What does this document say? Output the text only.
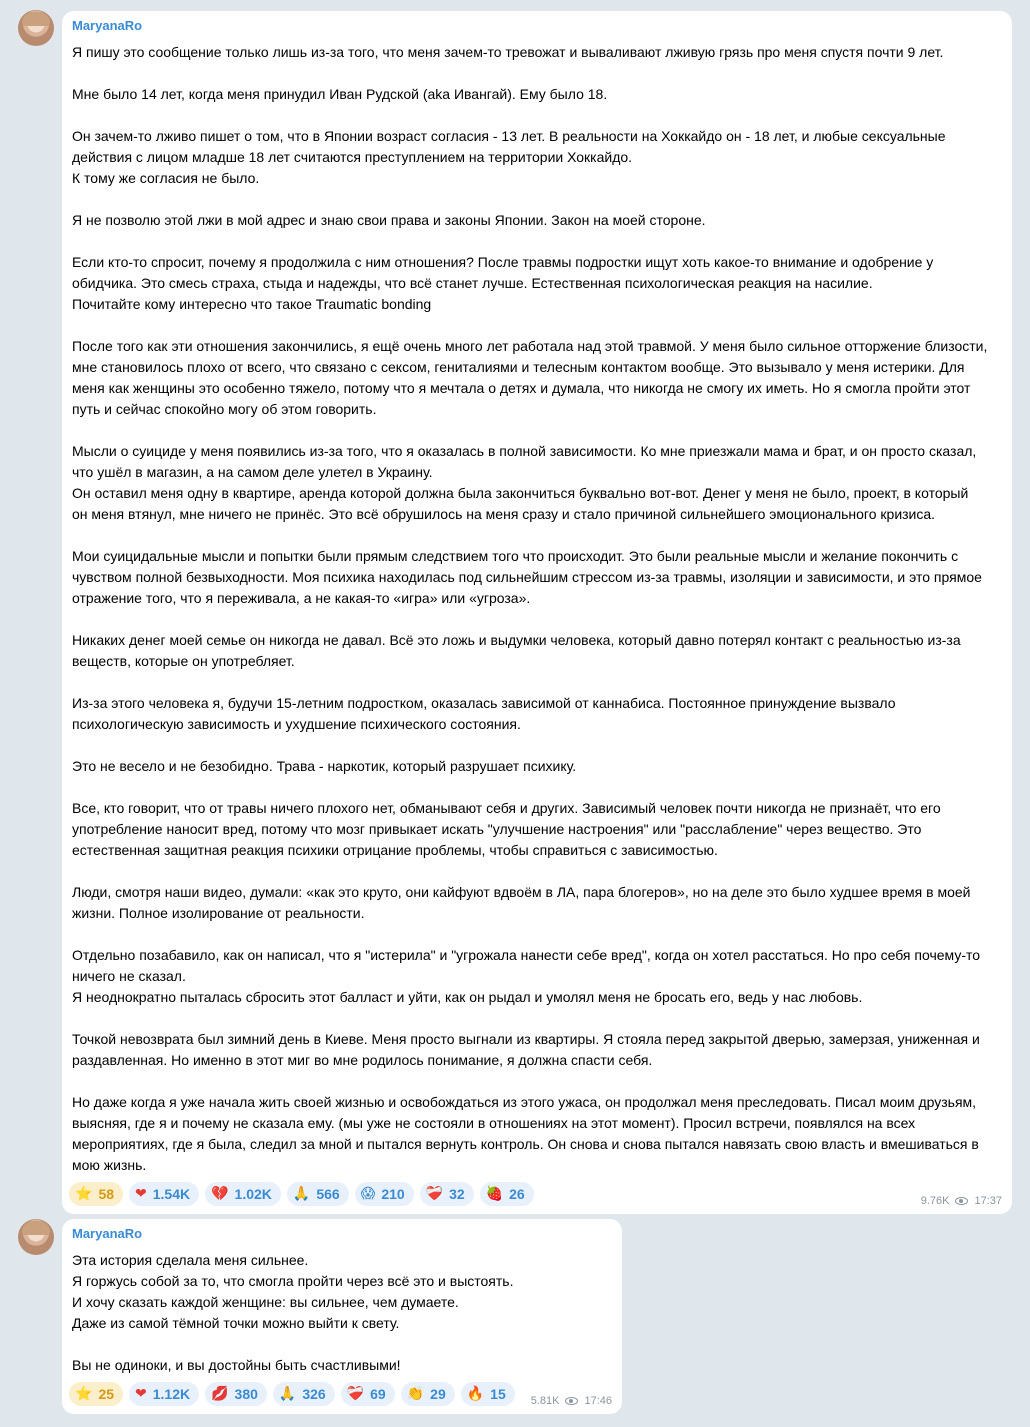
MaryanaRo
Я пишу это сообщение только лишь из-за того, что меня зачем-то тревожат и вываливают лживую грязь про меня спустя почти 9 лет.

Мне было 14 лет, когда меня принудил Иван Рудской (aka Ивангай). Ему было 18.

Он зачем-то лживо пишет о том, что в Японии возраст согласия - 13 лет. В реальности на Хоккайдо он - 18 лет, и любые сексуальные
действия с лицом младше 18 лет считаются преступлением на территории Хоккайдо.
К тому же согласия не было.

Я не позволю этой лжи в мой адрес и знаю свои права и законы Японии. Закон на моей стороне.

Если кто-то спросит, почему я продолжила с ним отношения? После травмы подростки ищут хоть какое-то внимание и одобрение у
обидчика. Это смесь страха, стыда и надежды, что всё станет лучше. Естественная психологическая реакция на насилие.
Почитайте кому интересно что такое Traumatic bonding

После того как эти отношения закончились, я ещё очень много лет работала над этой травмой. У меня было сильное отторжение близости,
мне становилось плохо от всего, что связано с сексом, гениталиями и телесным контактом вообще. Это вызывало у меня истерики. Для
меня как женщины это особенно тяжело, потому что я мечтала о детях и думала, что никогда не смогу их иметь. Но я смогла пройти этот
путь и сейчас спокойно могу об этом говорить.

Мысли о суициде у меня появились из-за того, что я оказалась в полной зависимости. Ко мне приезжали мама и брат, и он просто сказал,
что ушёл в магазин, а на самом деле улетел в Украину.
Он оставил меня одну в квартире, аренда которой должна была закончиться буквально вот-вот. Денег у меня не было, проект, в который
он меня втянул, мне ничего не принёс. Это всё обрушилось на меня сразу и стало причиной сильнейшего эмоционального кризиса.

Мои суицидальные мысли и попытки были прямым следствием того что происходит. Это были реальные мысли и желание покончить с
чувством полной безвыходности. Моя психика находилась под сильнейшим стрессом из-за травмы, изоляции и зависимости, и это прямое
отражение того, что я переживала, а не какая-то «игра» или «угроза».

Никаких денег моей семье он никогда не давал. Всё это ложь и выдумки человека, который давно потерял контакт с реальностью из-за
веществ, которые он употребляет.

Из-за этого человека я, будучи 15-летним подростком, оказалась зависимой от каннабиса. Постоянное принуждение вызвало
психологическую зависимость и ухудшение психического состояния.

Это не весело и не безобидно. Трава - наркотик, который разрушает психику.

Все, кто говорит, что от травы ничего плохого нет, обманывают себя и других. Зависимый человек почти никогда не признаёт, что его
употребление наносит вред, потому что мозг привыкает искать "улучшение настроения" или "расслабление" через вещество. Это
естественная защитная реакция психики отрицание проблемы, чтобы справиться с зависимостью.

Люди, смотря наши видео, думали: «как это круто, они кайфуют вдвоём в ЛА, пара блогеров», но на деле это было худшее время в моей
жизни. Полное изолирование от реальности.

Отдельно позабавило, как он написал, что я "истерила" и "угрожала нанести себе вред", когда он хотел расстаться. Но про себя почему-то
ничего не сказал.
Я неоднократно пыталась сбросить этот балласт и уйти, как он рыдал и умолял меня не бросать его, ведь у нас любовь.

Точкой невозврата был зимний день в Киеве. Меня просто выгнали из квартиры. Я стояла перед закрытой дверью, замерзая, униженная и
раздавленная. Но именно в этот миг во мне родилось понимание, я должна спасти себя.

Но даже когда я уже начала жить своей жизнью и освобождаться из этого ужаса, он продолжал меня преследовать. Писал моим друзьям,
выясняя, где я и почему не сказала ему. (мы уже не состояли в отношениях на этот момент). Просил встречи, появлялся на всех
мероприятиях, где я была, следил за мной и пытался вернуть контроль. Он снова и снова пытался навязать свою власть и вмешиваться в
мою жизнь.
⭐ 58 ❤ 1.54K 💔 1.02K 🙏 566 😱 210 ❤‍🩹 32 🍓 26	9.76K 17:37
MaryanaRo
Эта история сделала меня сильнее.
Я горжусь собой за то, что смогла пройти через всё это и выстоять.
И хочу сказать каждой женщине: вы сильнее, чем думаете.
Даже из самой тёмной точки можно выйти к свету.

Вы не одиноки, и вы достойны быть счастливыми!
⭐ 25 ❤ 1.12K 💋 380 🙏 326 ❤‍🩹 69 👏 29 🔥 15 5.81K 17:46
